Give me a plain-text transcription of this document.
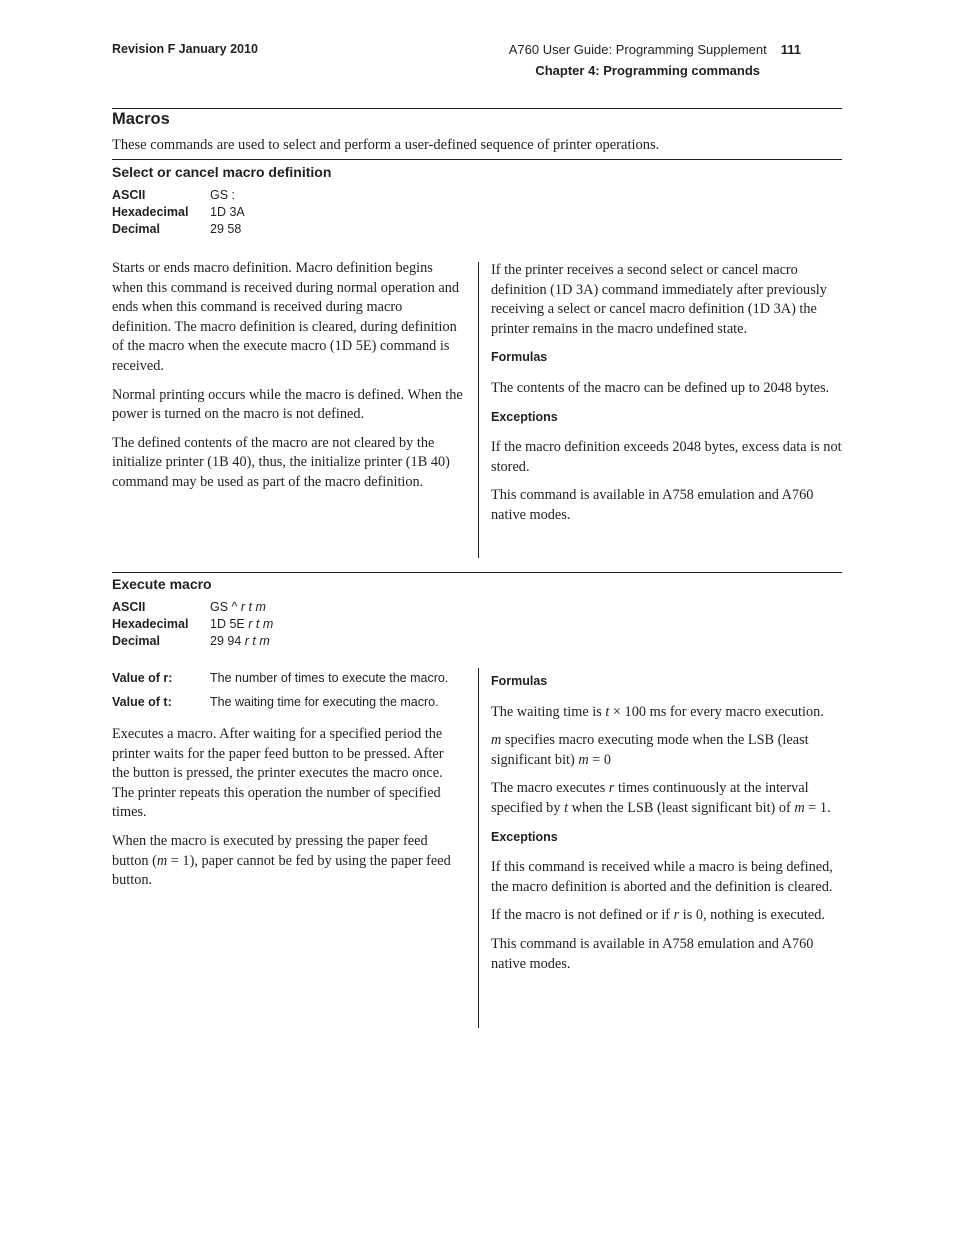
Revision F January 2010	A760 User Guide: Programming Supplement 111
Chapter 4: Programming commands
Macros
These commands are used to select and perform a user-defined sequence of printer operations.
Select or cancel macro definition
ASCII	GS :
Hexadecimal	1D 3A
Decimal	29 58

Starts or ends macro definition. Macro definition begins when this command is received during normal operation and ends when this command is received during macro definition. The macro definition is cleared, during definition of the macro when the execute macro (1D 5E) command is received.

Normal printing occurs while the macro is defined. When the power is turned on the macro is not defined.

The defined contents of the macro are not cleared by the initialize printer (1B 40), thus, the initialize printer (1B 40) command may be used as part of the macro definition.

If the printer receives a second select or cancel macro definition (1D 3A) command immediately after previously receiving a select or cancel macro definition (1D 3A) the printer remains in the macro undefined state.

Formulas

The contents of the macro can be defined up to 2048 bytes.

Exceptions

If the macro definition exceeds 2048 bytes, excess data is not stored.

This command is available in A758 emulation and A760 native modes.

Execute macro
ASCII	GS ^ r t m
Hexadecimal	1D 5E r t m
Decimal	29 94 r t m
Value of r:	The number of times to execute the macro.
Value of t:	The waiting time for executing the macro.

Executes a macro. After waiting for a specified period the printer waits for the paper feed button to be pressed. After the button is pressed, the printer executes the macro once. The printer repeats this operation the number of specified times.

When the macro is executed by pressing the paper feed button (m = 1), paper cannot be fed by using the paper feed button.

Formulas

The waiting time is t × 100 ms for every macro execution.

m specifies macro executing mode when the LSB (least significant bit) m = 0

The macro executes r times continuously at the interval specified by t when the LSB (least significant bit) of m = 1.

Exceptions

If this command is received while a macro is being defined, the macro definition is aborted and the definition is cleared.

If the macro is not defined or if r is 0, nothing is executed.

This command is available in A758 emulation and A760 native modes.
